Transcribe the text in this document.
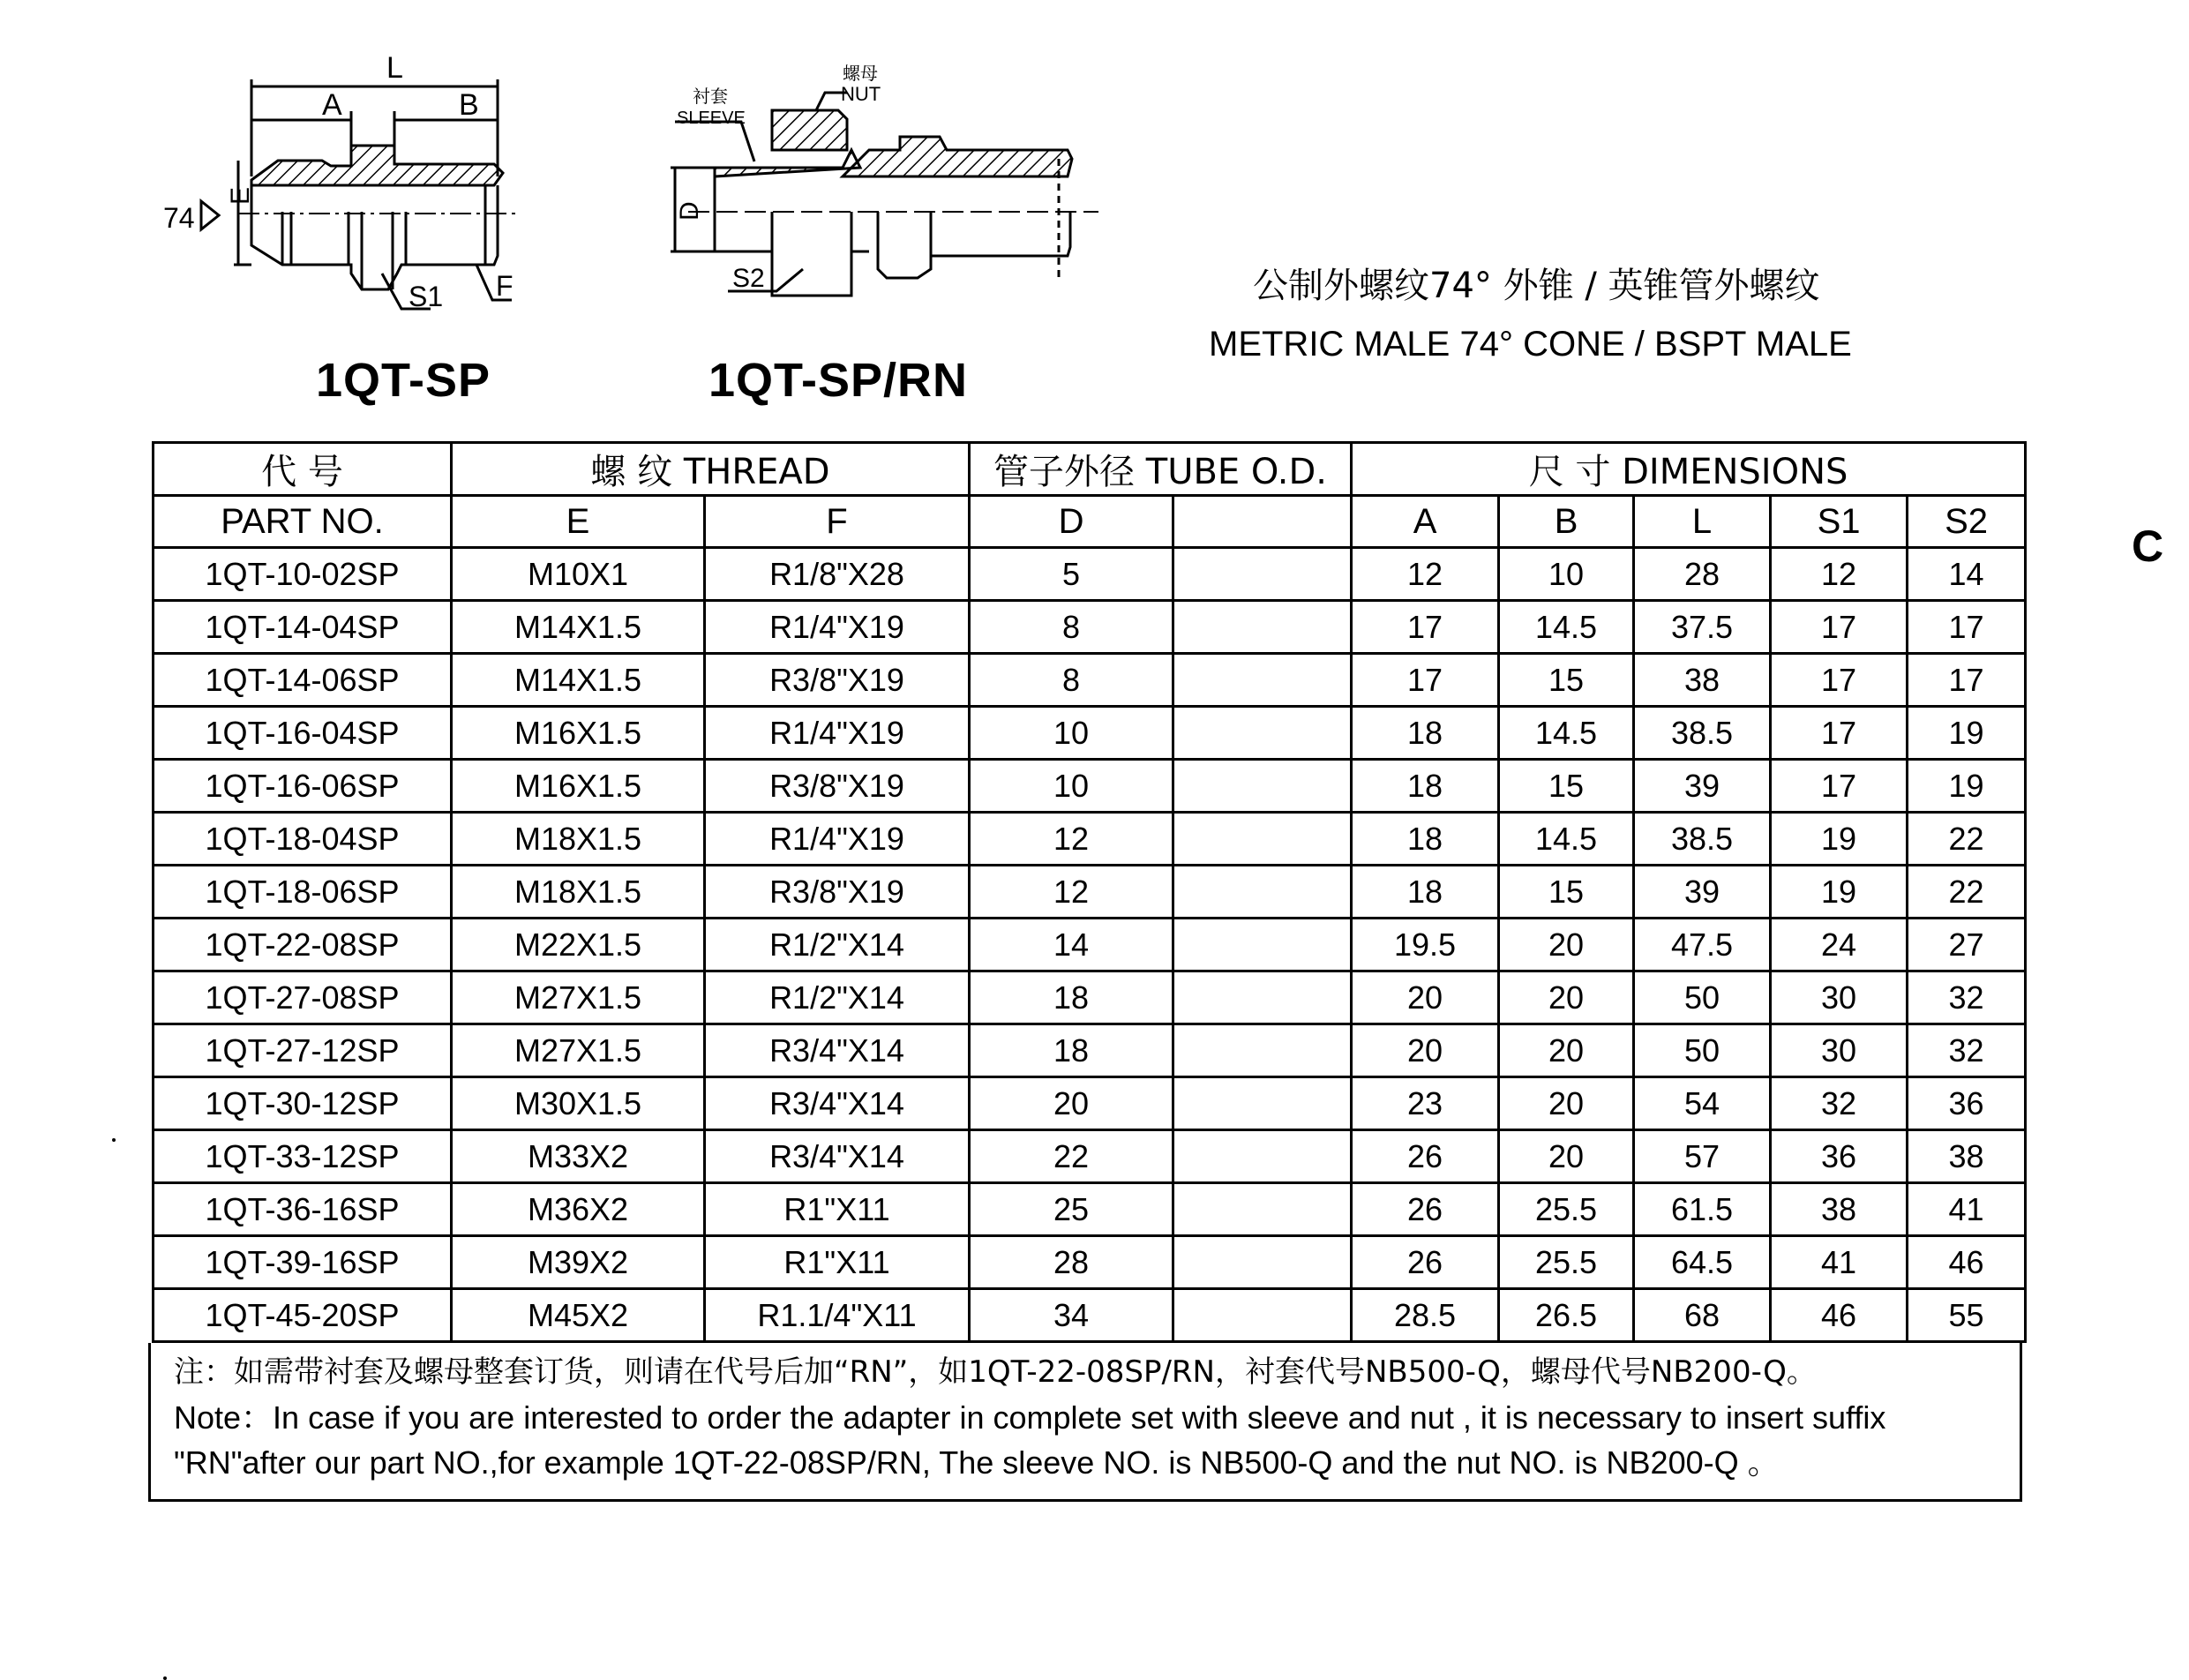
L
A	B
74
E
S1 F
1QT-SP
衬套
SLEEVE
螺母
NUT
D
S2
1QT-SP/RN
公制外螺纹74° 外锥 / 英锥管外螺纹
METRIC MALE 74° CONE / BSPT MALE
C
代 号	螺 纹 THREAD		管子外径 TUBE O.D.		尺 寸 DIMENSIONS				
PART NO.	E	F	D		A	B	L	S1	S2
1QT-10-02SP	M10X1	R1/8"X28	5		12	10	28	12	14
1QT-14-04SP	M14X1.5	R1/4"X19	8		17	14.5	37.5	17	17
1QT-14-06SP	M14X1.5	R3/8"X19	8		17	15	38	17	17
1QT-16-04SP	M16X1.5	R1/4"X19	10		18	14.5	38.5	17	19
1QT-16-06SP	M16X1.5	R3/8"X19	10		18	15	39	17	19
1QT-18-04SP	M18X1.5	R1/4"X19	12		18	14.5	38.5	19	22
1QT-18-06SP	M18X1.5	R3/8"X19	12		18	15	39	19	22
1QT-22-08SP	M22X1.5	R1/2"X14	14		19.5	20	47.5	24	27
1QT-27-08SP	M27X1.5	R1/2"X14	18		20	20	50	30	32
1QT-27-12SP	M27X1.5	R3/4"X14	18		20	20	50	30	32
1QT-30-12SP	M30X1.5	R3/4"X14	20		23	20	54	32	36
1QT-33-12SP	M33X2	R3/4"X14	22		26	20	57	36	38
1QT-36-16SP	M36X2	R1"X11	25		26	25.5	61.5	38	41
1QT-39-16SP	M39X2	R1"X11	28		26	25.5	64.5	41	46
1QT-45-20SP	M45X2	R1.1/4"X11	34		28.5	26.5	68	46	55
注：如需带衬套及螺母整套订货，则请在代号后加“RN”，如1QT-22-08SP/RN，衬套代号NB500-Q，螺母代号NB200-Q。
Note：In case if you are interested to order the adapter in complete set with sleeve and nut , it is necessary to insert suffix
"RN"after our part NO.,for example 1QT-22-08SP/RN, The sleeve NO. is NB500-Q and the nut NO. is NB200-Q 。
